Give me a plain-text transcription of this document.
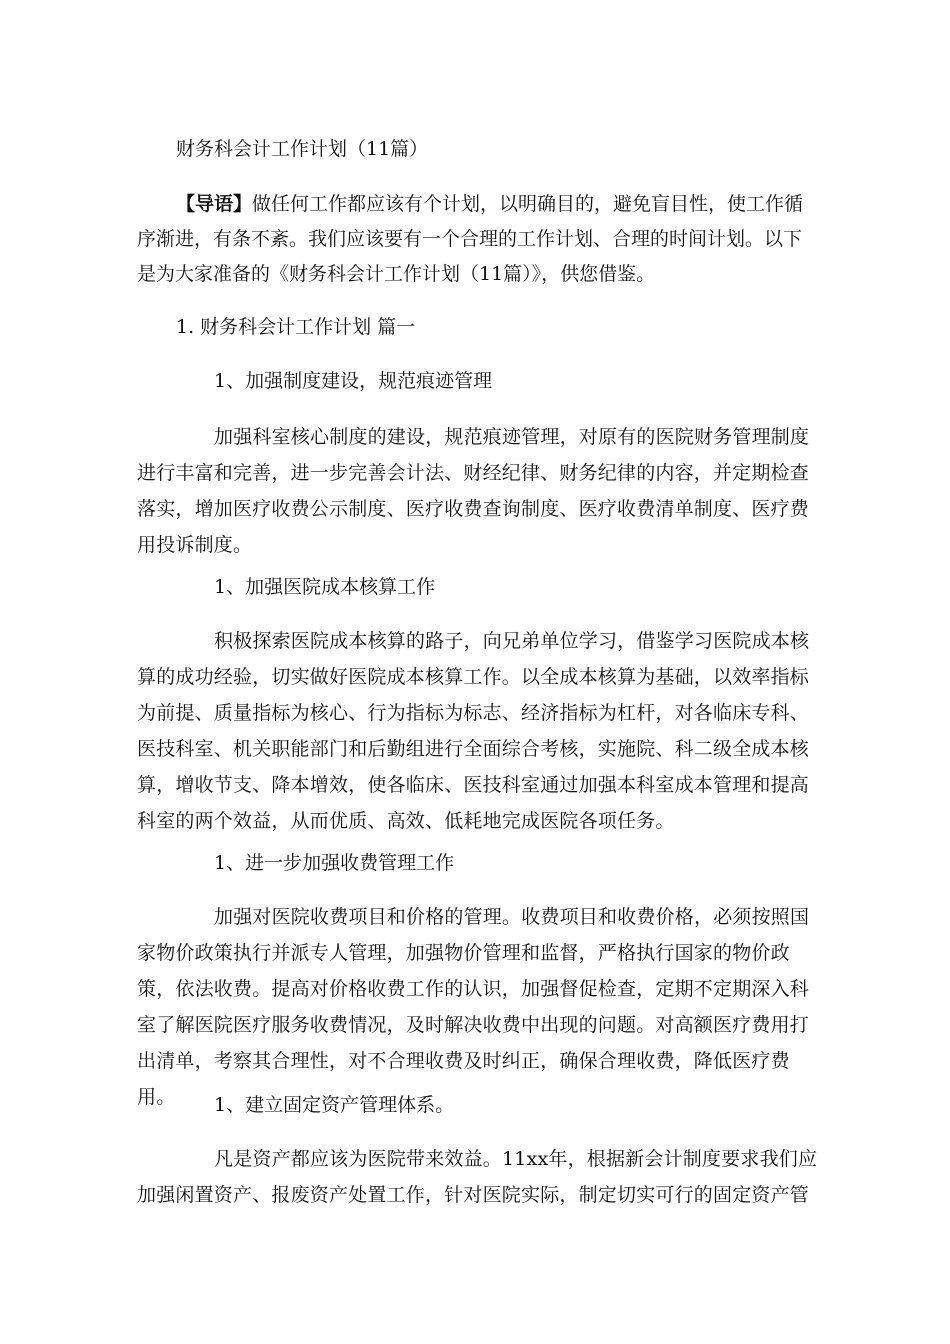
财务科会计工作计划（11篇）
【导语】做任何工作都应该有个计划，以明确目的，避免盲目性，使工作循序渐进，有条不紊。我们应该要有一个合理的工作计划、合理的时间计划。以下是为大家准备的《财务科会计工作计划（11篇）》，供您借鉴。
1. 财务科会计工作计划 篇一
1、加强制度建设，规范痕迹管理
加强科室核心制度的建设，规范痕迹管理，对原有的医院财务管理制度进行丰富和完善，进一步完善会计法、财经纪律、财务纪律的内容，并定期检查落实，增加医疗收费公示制度、医疗收费查询制度、医疗收费清单制度、医疗费用投诉制度。
1、加强医院成本核算工作
积极探索医院成本核算的路子，向兄弟单位学习，借鉴学习医院成本核算的成功经验，切实做好医院成本核算工作。以全成本核算为基础，以效率指标为前提、质量指标为核心、行为指标为标志、经济指标为杠杆，对各临床专科、医技科室、机关职能部门和后勤组进行全面综合考核，实施院、科二级全成本核算，增收节支、降本增效，使各临床、医技科室通过加强本科室成本管理和提高科室的两个效益，从而优质、高效、低耗地完成医院各项任务。
1、进一步加强收费管理工作
加强对医院收费项目和价格的管理。收费项目和收费价格，必须按照国家物价政策执行并派专人管理，加强物价管理和监督，严格执行国家的物价政策，依法收费。提高对价格收费工作的认识，加强督促检查，定期不定期深入科室了解医院医疗服务收费情况，及时解决收费中出现的问题。对高额医疗费用打出清单，考察其合理性，对不合理收费及时纠正，确保合理收费，降低医疗费用。	1、建立固定资产管理体系。
凡是资产都应该为医院带来效益。11xx年，根据新会计制度要求我们应加强闲置资产、报废资产处置工作，针对医院实际，制定切实可行的固定资产管
